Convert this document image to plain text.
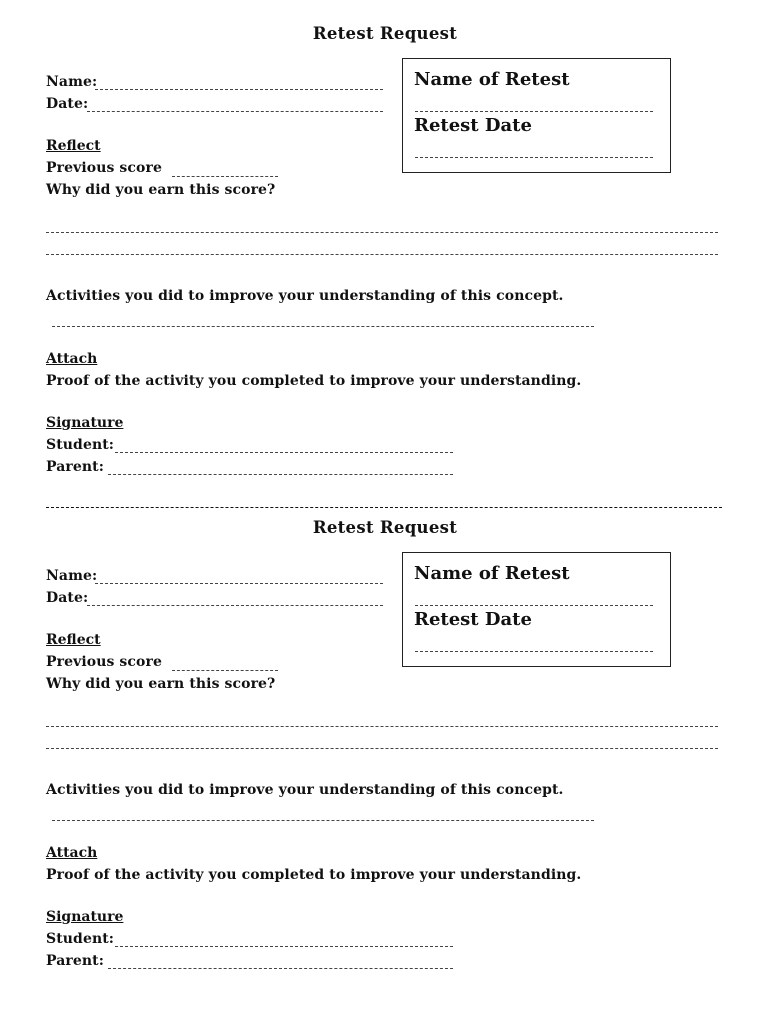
Retest Request
Name:
Date:
Name of Retest
Retest Date
Reflect
Previous score
Why did you earn this score?
Activities you did to improve your understanding of this concept.
Attach
Proof of the activity you completed to improve your understanding.
Signature
Student:
Parent:
Retest Request
Name:
Date:
Name of Retest
Retest Date
Reflect
Previous score
Why did you earn this score?
Activities you did to improve your understanding of this concept.
Attach
Proof of the activity you completed to improve your understanding.
Signature
Student:
Parent:
